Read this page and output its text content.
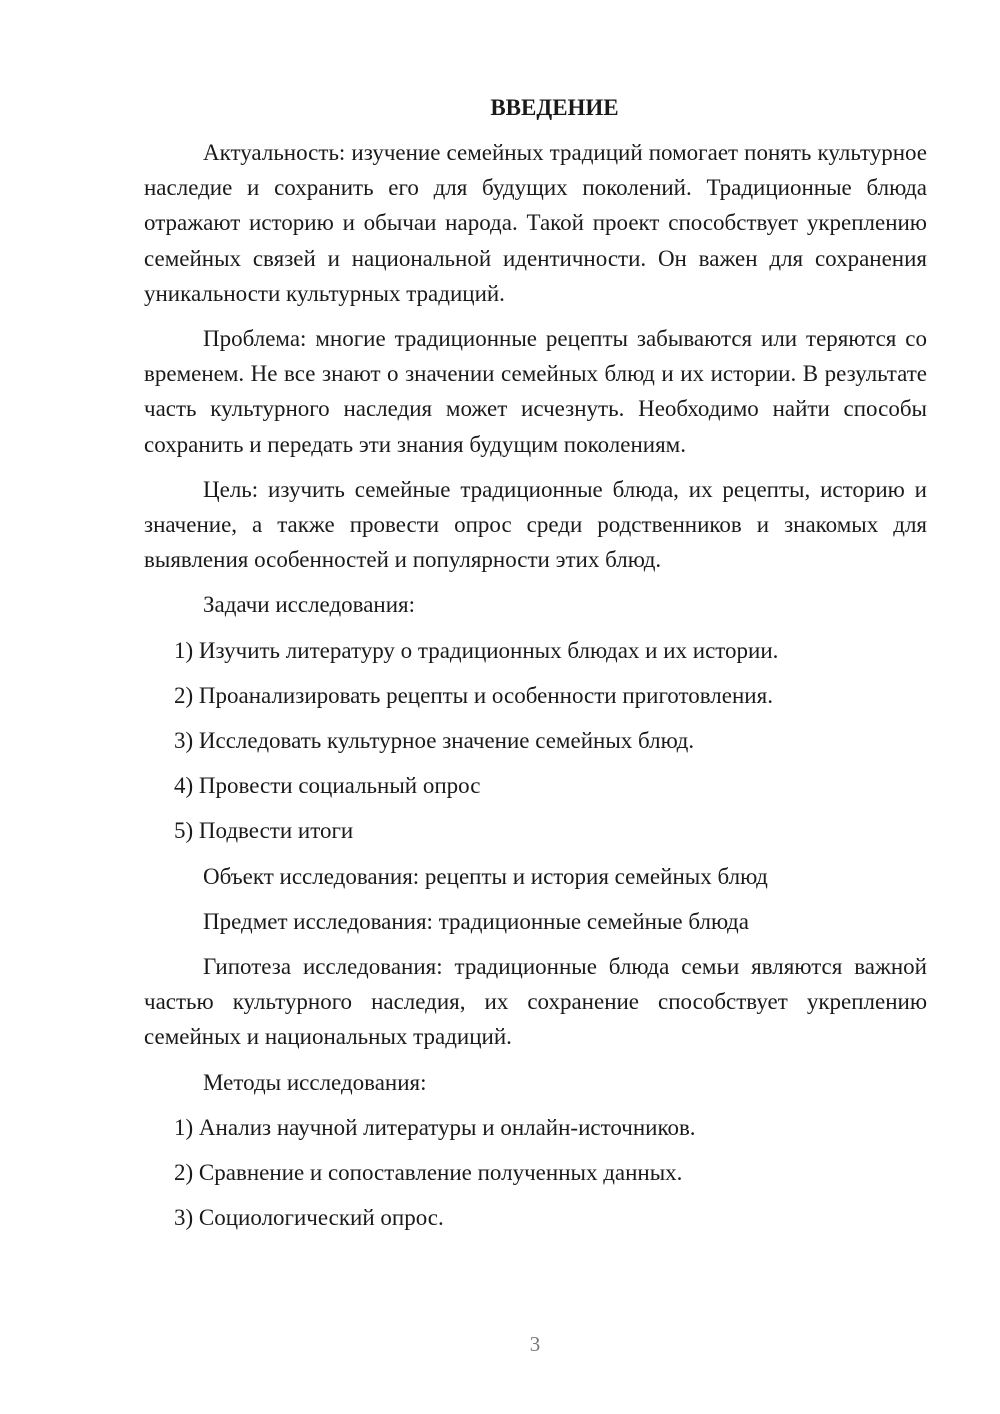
ВВЕДЕНИЕ

Актуальность: изучение семейных традиций помогает понять культурное наследие и сохранить его для будущих поколений. Традиционные блюда отражают историю и обычаи народа. Такой проект способствует укреплению семейных связей и национальной идентичности. Он важен для сохранения уникальности культурных традиций.

Проблема: многие традиционные рецепты забываются или теряются со временем. Не все знают о значении семейных блюд и их истории. В результате часть культурного наследия может исчезнуть. Необходимо найти способы сохранить и передать эти знания будущим поколениям.

Цель: изучить семейные традиционные блюда, их рецепты, историю и значение, а также провести опрос среди родственников и знакомых для выявления особенностей и популярности этих блюд.

Задачи исследования:
1) Изучить литературу о традиционных блюдах и их истории.
2) Проанализировать рецепты и особенности приготовления.
3) Исследовать культурное значение семейных блюд.
4) Провести социальный опрос
5) Подвести итоги
Объект исследования: рецепты и история семейных блюд
Предмет исследования: традиционные семейные блюда

Гипотеза исследования: традиционные блюда семьи являются важной частью культурного наследия, их сохранение способствует укреплению семейных и национальных традиций.

Методы исследования:
1) Анализ научной литературы и онлайн-источников.
2) Сравнение и сопоставление полученных данных.
3) Социологический опрос.
3
